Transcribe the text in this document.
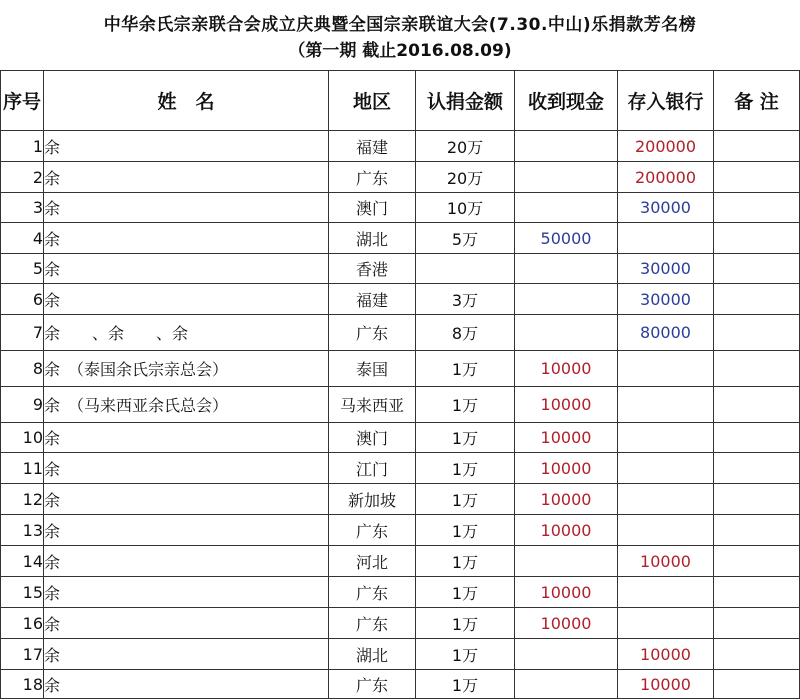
中华余氏宗亲联合会成立庆典暨全国宗亲联谊大会(7.30.中山)乐捐款芳名榜
（第一期 截止2016.08.09)
序号	姓　名	地区	认捐金额	收到现金	存入银行	备 注
1	余	福建	20万		200000	
2	余	广东	20万		200000	
3	余	澳门	10万		30000	
4	余	湖北	5万	50000		
5	余	香港			30000	
6	余	福建	3万		30000	
7	余　　、余　　、余	广东	8万		80000	
8	余　（泰国余氏宗亲总会）	泰国	1万	10000		
9	余　（马来西亚余氏总会）	马来西亚	1万	10000		
10	余	澳门	1万	10000		
11	余	江门	1万	10000		
12	余	新加坡	1万	10000		
13	余	广东	1万	10000		
14	余	河北	1万		10000	
15	余	广东	1万	10000		
16	余	广东	1万	10000		
17	余	湖北	1万		10000	
18	余	广东	1万		10000	
